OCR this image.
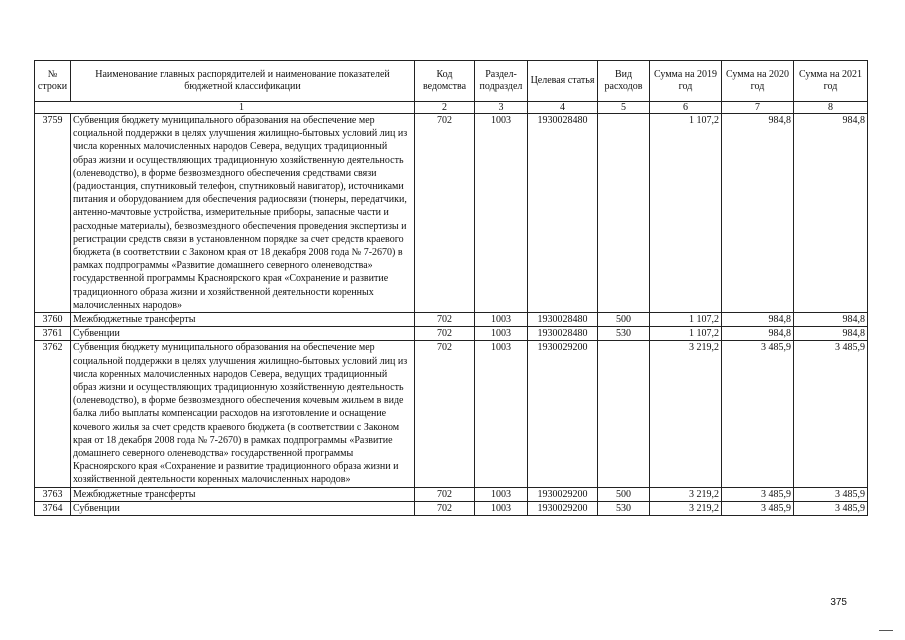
№ строки	Наименование главных распорядителей и наименование показателей бюджетной классификации	Код ведомства	Раздел-подраздел	Целевая статья	Вид расходов	Сумма на 2019 год	Сумма на 2020 год	Сумма на 2021 год
1		2	3	4	5	6	7	8
3759	Субвенция бюджету муниципального образования на обеспечение мер социальной поддержки в целях улучшения жилищно-бытовых условий лиц из числа коренных малочисленных народов Севера, ведущих традиционный образ жизни и осуществляющих традиционную хозяйственную деятельность (оленеводство), в форме безвозмездного обеспечения средствами связи (радиостанция, спутниковый телефон, спутниковый навигатор), источниками питания и оборудованием для обеспечения радиосвязи (тюнеры, передатчики, антенно-мачтовые устройства, измерительные приборы, запасные части и расходные материалы), безвозмездного обеспечения проведения экспертизы и регистрации средств связи в установленном порядке за счет средств краевого бюджета (в соответствии с Законом края от 18 декабря 2008 года № 7-2670) в рамках подпрограммы «Развитие домашнего северного оленеводства» государственной программы Красноярского края «Сохранение и развитие традиционного образа жизни и хозяйственной деятельности коренных малочисленных народов»	702	1003	1930028480		1 107,2	984,8	984,8
3760	Межбюджетные трансферты	702	1003	1930028480	500	1 107,2	984,8	984,8
3761	Субвенции	702	1003	1930028480	530	1 107,2	984,8	984,8
3762	Субвенция бюджету муниципального образования на обеспечение мер социальной поддержки в целях улучшения жилищно-бытовых условий лиц из числа коренных малочисленных народов Севера, ведущих традиционный образ жизни и осуществляющих традиционную хозяйственную деятельность (оленеводство), в форме безвозмездного обеспечения кочевым жильем в виде балка либо выплаты компенсации расходов на изготовление и оснащение кочевого жилья за счет средств краевого бюджета (в соответствии с Законом края от 18 декабря 2008 года № 7-2670) в рамках подпрограммы «Развитие домашнего северного оленеводства» государственной программы Красноярского края «Сохранение и развитие традиционного образа жизни и хозяйственной деятельности коренных малочисленных народов»	702	1003	1930029200		3 219,2	3 485,9	3 485,9
3763	Межбюджетные трансферты	702	1003	1930029200	500	3 219,2	3 485,9	3 485,9
3764	Субвенции	702	1003	1930029200	530	3 219,2	3 485,9	3 485,9
375
